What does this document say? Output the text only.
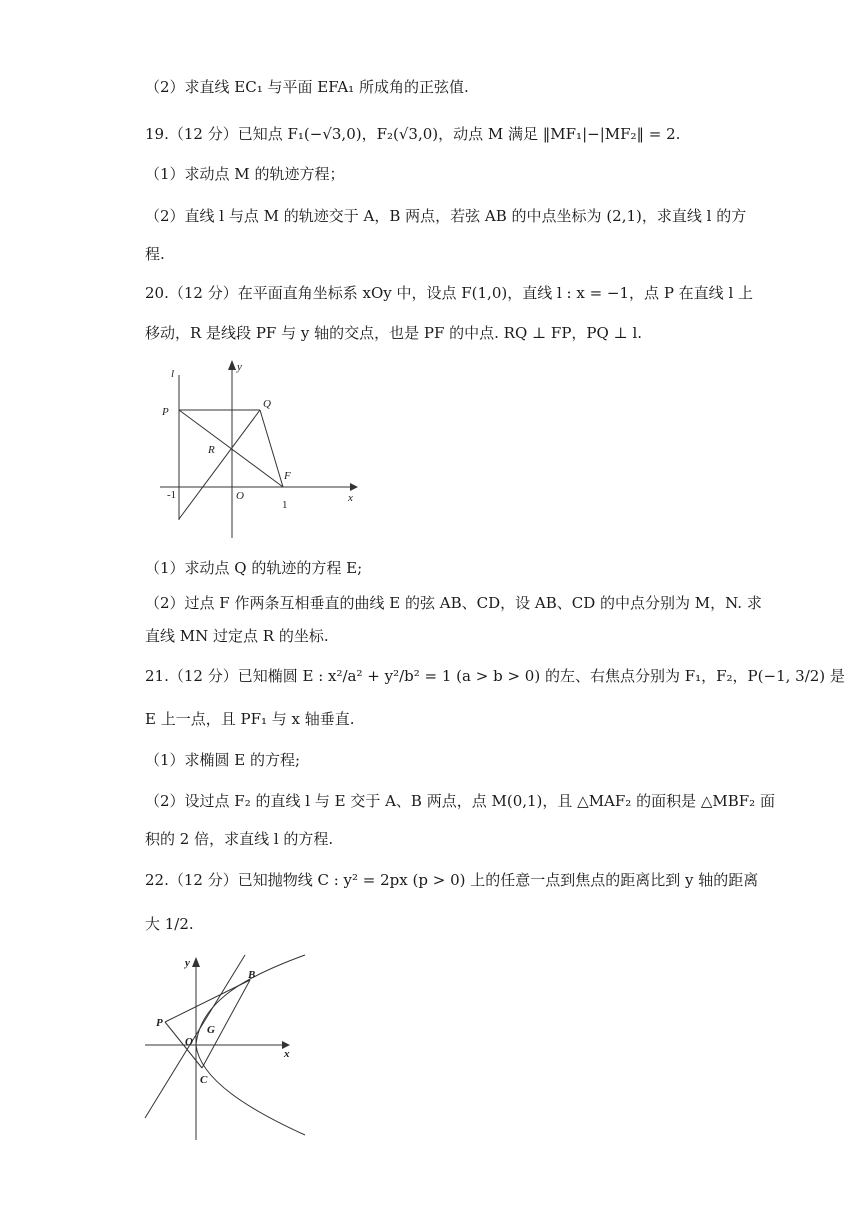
（2）求直线 EC₁ 与平面 EFA₁ 所成角的正弦值.
19.（12 分）已知点 F₁(−√3,0)，F₂(√3,0)，动点 M 满足 ‖MF₁|−|MF₂‖ = 2.
（1）求动点 M 的轨迹方程；
（2）直线 l 与点 M 的轨迹交于 A，B 两点，若弦 AB 的中点坐标为 (2,1)，求直线 l 的方
程.
20.（12 分）在平面直角坐标系 xOy 中，设点 F(1,0)，直线 l : x = −1，点 P 在直线 l 上
移动，R 是线段 PF 与 y 轴的交点，也是 PF 的中点. RQ ⊥ FP，PQ ⊥ l.
l
y
P
Q
R
F
O	x
-1
1
（1）求动点 Q 的轨迹的方程 E;
（2）过点 F 作两条互相垂直的曲线 E 的弦 AB、CD，设 AB、CD 的中点分别为 M，N. 求
直线 MN 过定点 R 的坐标.
21.（12 分）已知椭圆 E : x²/a² + y²/b² = 1 (a > b > 0) 的左、右焦点分别为 F₁，F₂，P(−1, 3/2) 是
E 上一点，且 PF₁ 与 x 轴垂直.
（1）求椭圆 E 的方程;
（2）设过点 F₂ 的直线 l 与 E 交于 A、B 两点，点 M(0,1)，且 △MAF₂ 的面积是 △MBF₂ 面
积的 2 倍，求直线 l 的方程.
22.（12 分）已知抛物线 C : y² = 2px (p > 0) 上的任意一点到焦点的距离比到 y 轴的距离
大 1/2.
y
B
P
G
O
x
C
